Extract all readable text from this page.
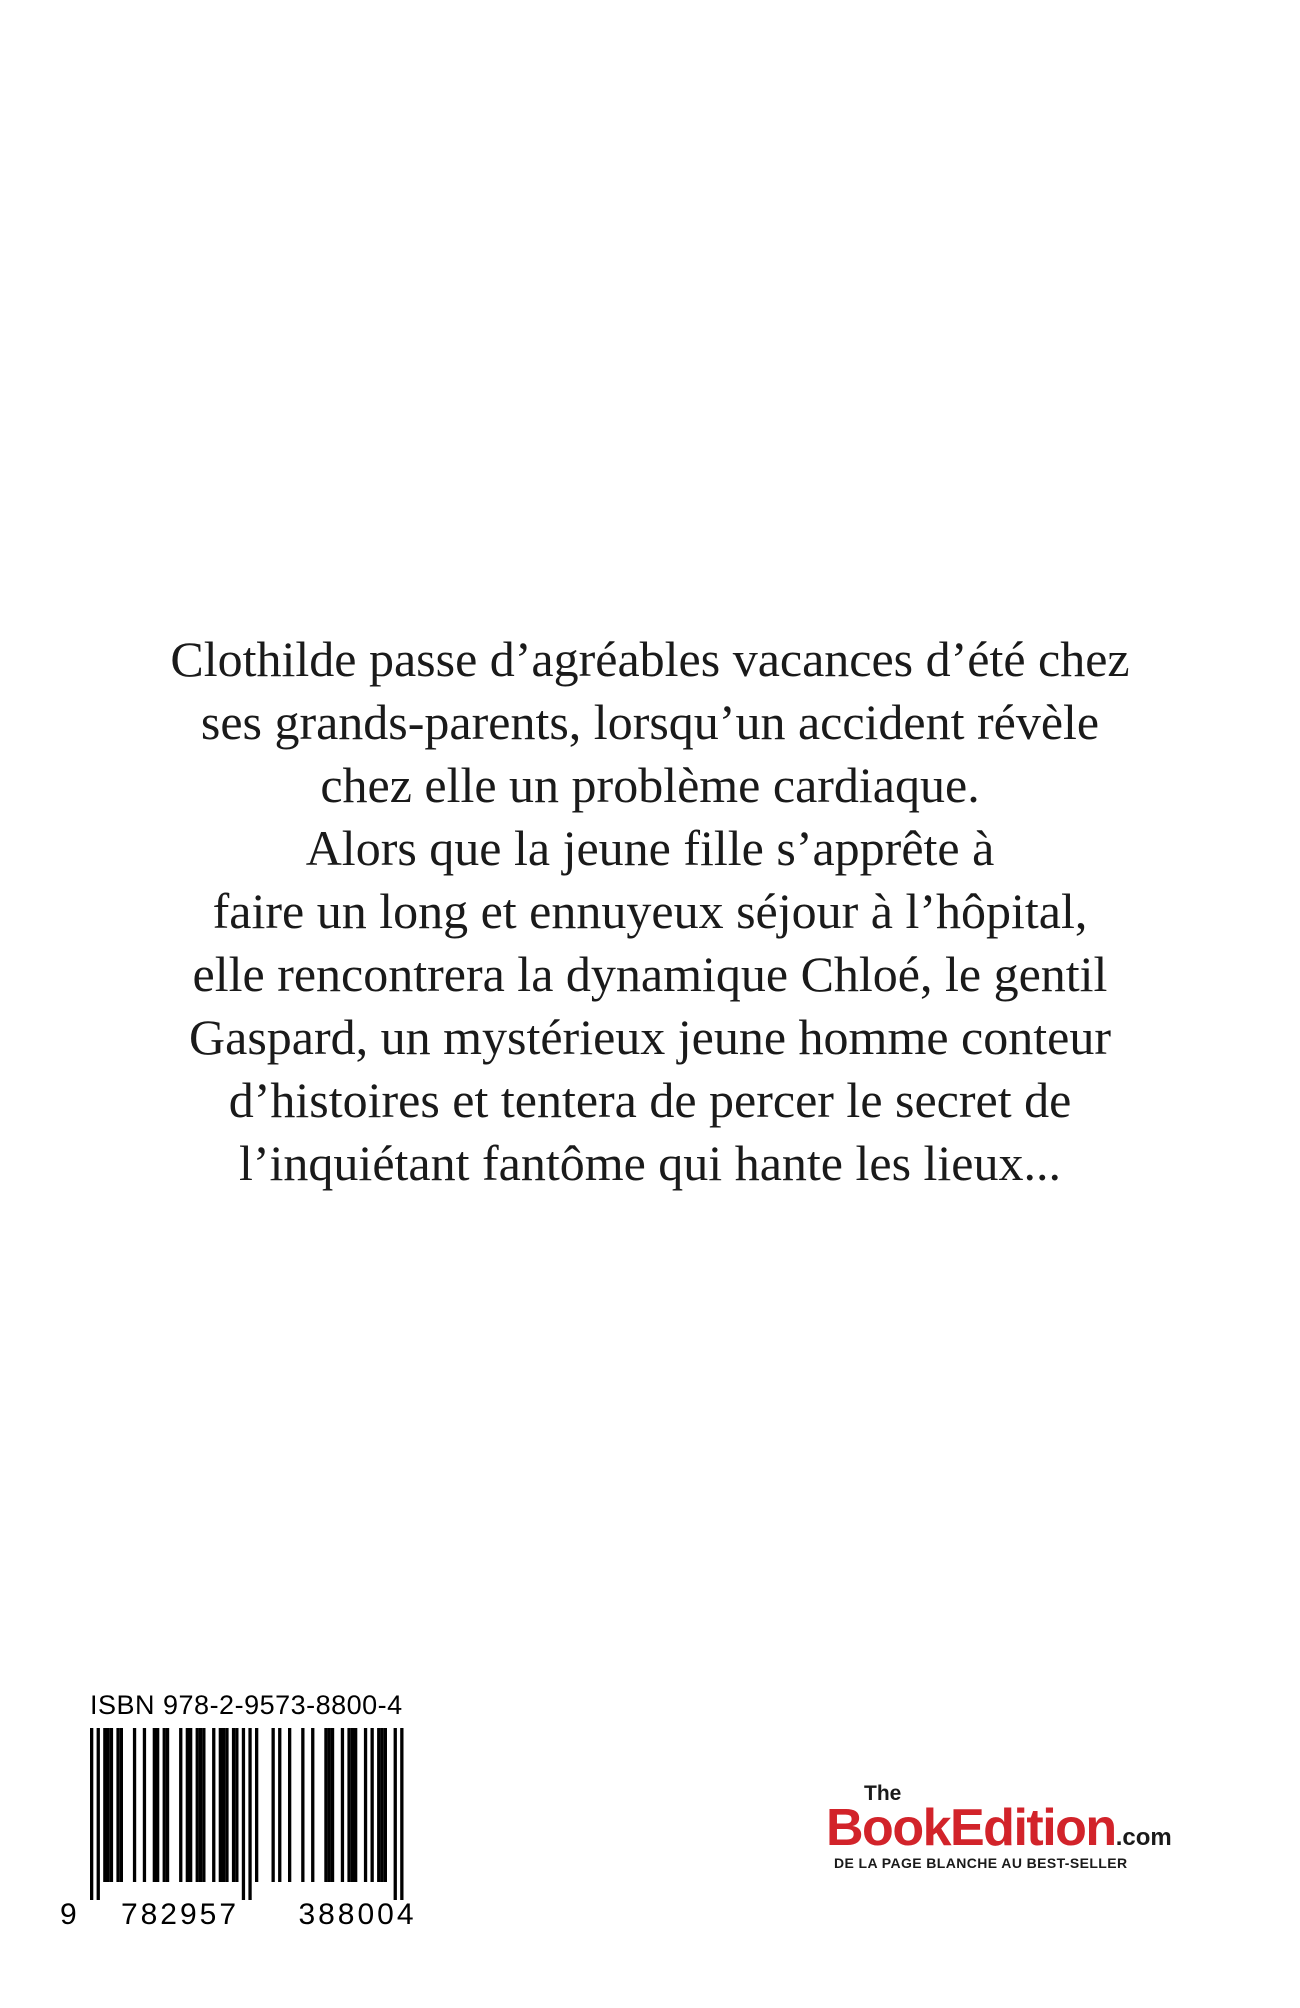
Clothilde passe d’agréables vacances d’été chez
ses grands-parents, lorsqu’un accident révèle
chez elle un problème cardiaque.
Alors que la jeune fille s’apprête à
faire un long et ennuyeux séjour à l’hôpital,
elle rencontrera la dynamique Chloé, le gentil
Gaspard, un mystérieux jeune homme conteur
d’histoires et tentera de percer le secret de
l’inquiétant fantôme qui hante les lieux...
ISBN 978-2-9573-8800-4
9	782957	388004
The
BookEdition.com
DE LA PAGE BLANCHE AU BEST-SELLER
